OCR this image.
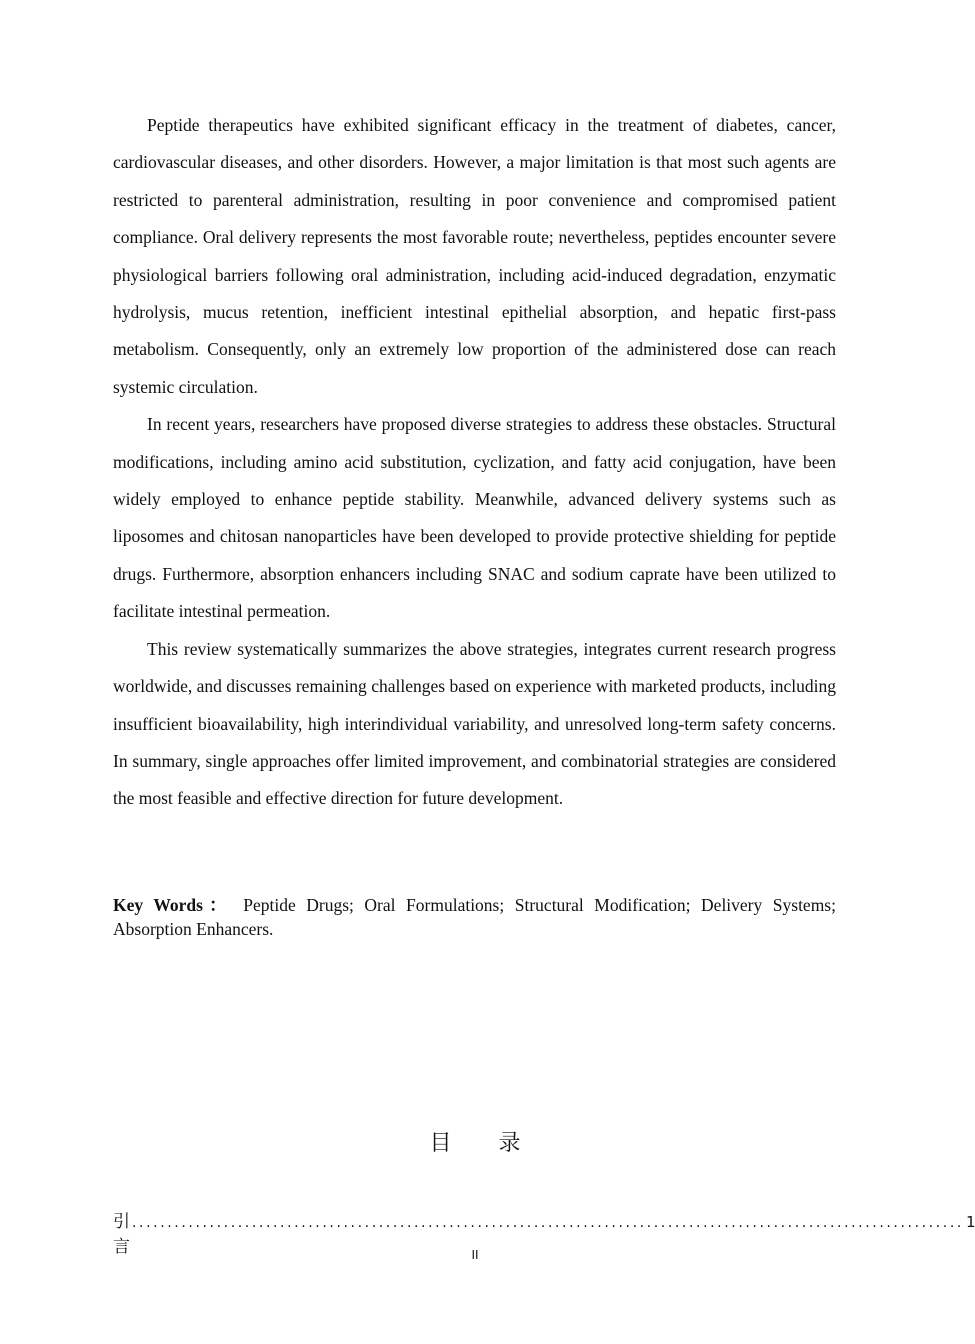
Peptide therapeutics have exhibited significant efficacy in the treatment of diabetes, cancer, cardiovascular diseases, and other disorders. However, a major limitation is that most such agents are restricted to parenteral administration, resulting in poor convenience and compromised patient compliance. Oral delivery represents the most favorable route; nevertheless, peptides encounter severe physiological barriers following oral administration, including acid-induced degradation, enzymatic hydrolysis, mucus retention, inefficient intestinal epithelial absorption, and hepatic first-pass metabolism. Consequently, only an extremely low proportion of the administered dose can reach systemic circulation.

In recent years, researchers have proposed diverse strategies to address these obstacles. Structural modifications, including amino acid substitution, cyclization, and fatty acid conjugation, have been widely employed to enhance peptide stability. Meanwhile, advanced delivery systems such as liposomes and chitosan nanoparticles have been developed to provide protective shielding for peptide drugs. Furthermore, absorption enhancers including SNAC and sodium caprate have been utilized to facilitate intestinal permeation.

This review systematically summarizes the above strategies, integrates current research progress worldwide, and discusses remaining challenges based on experience with marketed products, including insufficient bioavailability, high interindividual variability, and unresolved long-term safety concerns. In summary, single approaches offer limited improvement, and combinatorial strategies are considered the most feasible and effective direction for future development.

Key Words： Peptide Drugs; Oral Formulations; Structural Modification; Delivery Systems; Absorption Enhancers.

目 录
引言
...................................................................................................................... 1
II
